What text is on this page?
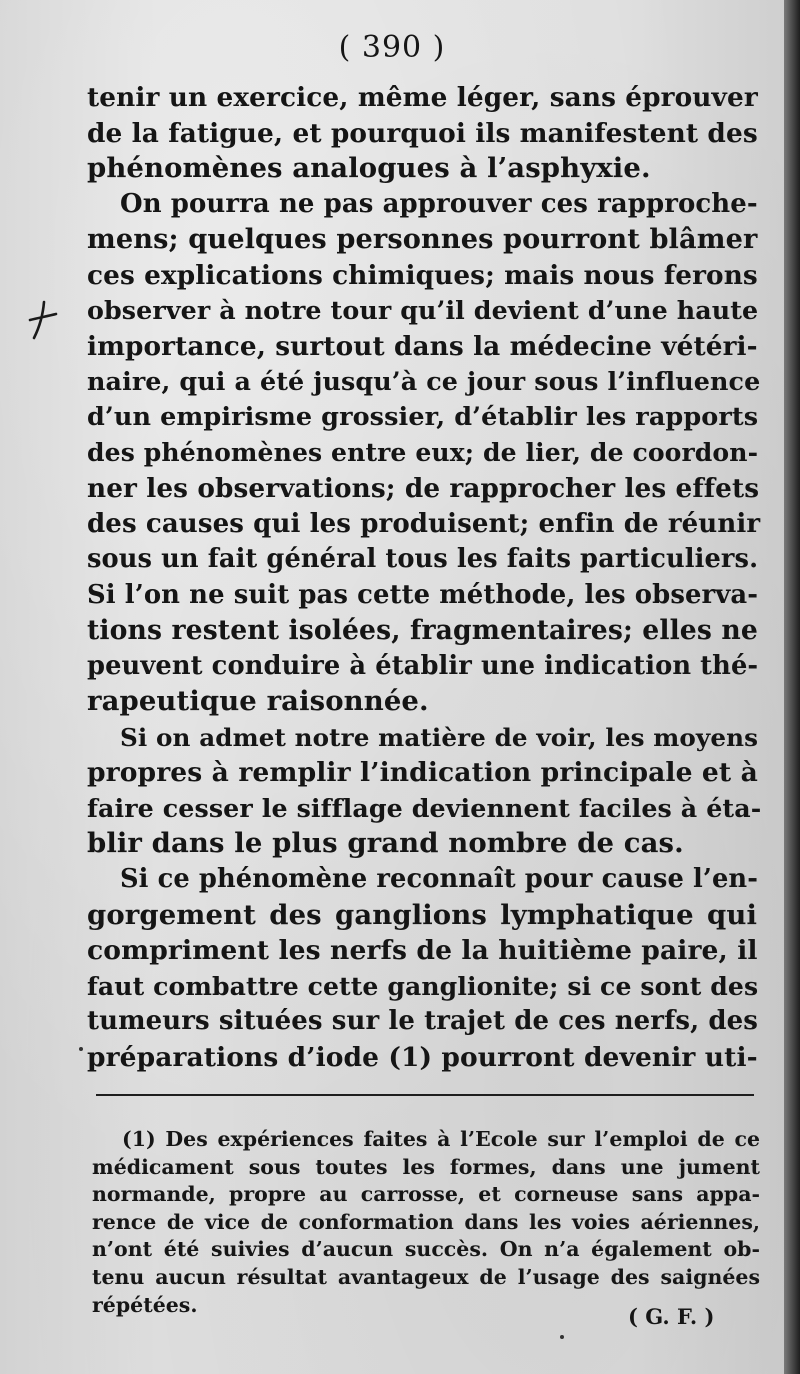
( 390 )
tenir un exercice, même léger, sans éprouver
de la fatigue, et pourquoi ils manifestent des
phénomènes analogues à l’asphyxie.
On pourra ne pas approuver ces rapproche-
mens; quelques personnes pourront blâmer
ces explications chimiques; mais nous ferons
observer à notre tour qu’il devient d’une haute
importance, surtout dans la médecine vétéri-
naire, qui a été jusqu’à ce jour sous l’influence
d’un empirisme grossier, d’établir les rapports
des phénomènes entre eux; de lier, de coordon-
ner les observations; de rapprocher les effets
des causes qui les produisent; enfin de réunir
sous un fait général tous les faits particuliers.
Si l’on ne suit pas cette méthode, les observa-
tions restent isolées, fragmentaires; elles ne
peuvent conduire à établir une indication thé-
rapeutique raisonnée.
Si on admet notre matière de voir, les moyens
propres à remplir l’indication principale et à
faire cesser le sifflage deviennent faciles à éta-
blir dans le plus grand nombre de cas.
Si ce phénomène reconnaît pour cause l’en-
gorgement des ganglions lymphatique qui
compriment les nerfs de la huitième paire, il
faut combattre cette ganglionite; si ce sont des
tumeurs situées sur le trajet de ces nerfs, des
préparations d’iode (1) pourront devenir uti-
(1) Des expériences faites à l’Ecole sur l’emploi de ce
médicament sous toutes les formes, dans une jument
normande, propre au carrosse, et corneuse sans appa-
rence de vice de conformation dans les voies aériennes,
n’ont été suivies d’aucun succès. On n’a également ob-
tenu aucun résultat avantageux de l’usage des saignées
répétées.	( G. F. )
